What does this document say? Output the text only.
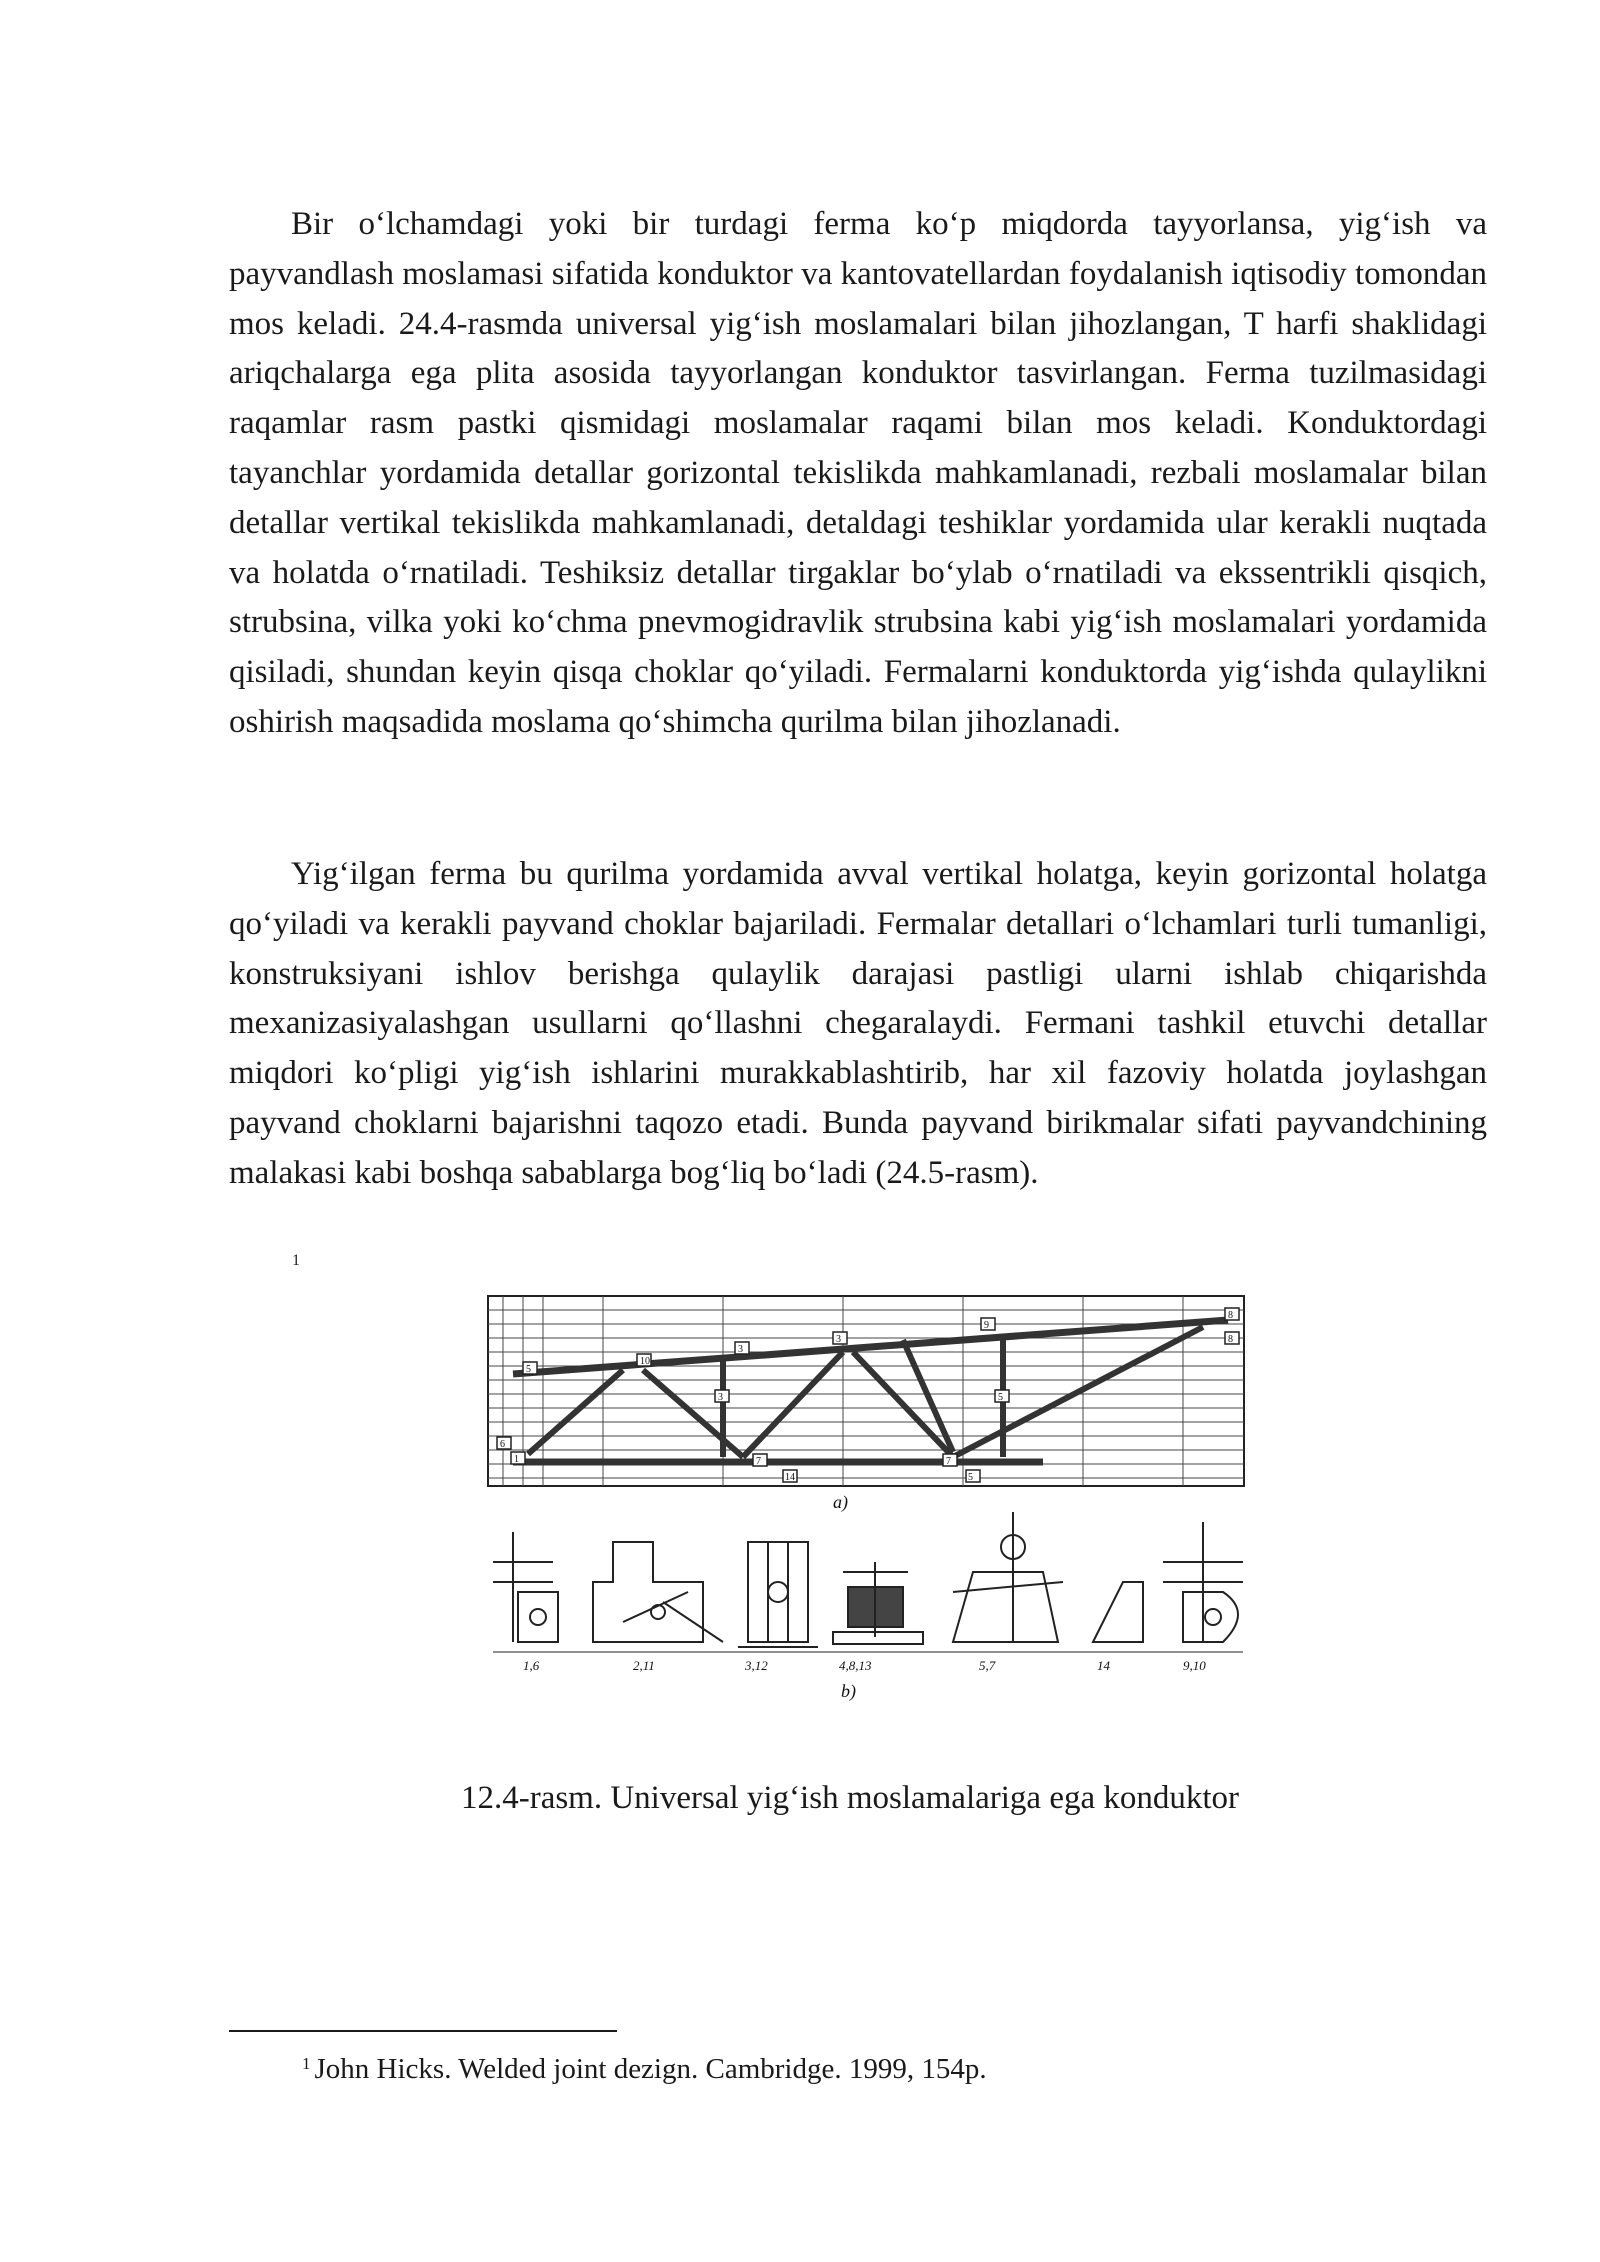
Bir o‘lchamdagi yoki bir turdagi ferma ko‘p miqdorda tayyorlansa, yig‘ish va payvandlash moslamasi sifatida konduktor va kantovatellardan foydalanish iqtisodiy tomondan mos keladi. 24.4-rasmda universal yig‘ish moslamalari bilan jihozlangan, T harfi shaklidagi ariqchalarga ega plita asosida tayyorlangan konduktor tasvirlangan. Ferma tuzilmasidagi raqamlar rasm pastki qismidagi moslamalar raqami bilan mos keladi. Konduktordagi tayanchlar yordamida detallar gorizontal tekislikda mahkamlanadi, rezbali moslamalar bilan detallar vertikal tekislikda mahkamlanadi, detaldagi teshiklar yordamida ular kerakli nuqtada va holatda o‘rnatiladi. Teshiksiz detallar tirgaklar bo‘ylab o‘rnatiladi va ekssentrikli qisqich, strubsina, vilka yoki ko‘chma pnevmogidravlik strubsina kabi yig‘ish moslamalari yordamida qisiladi, shundan keyin qisqa choklar qo‘yiladi. Fermalarni konduktorda yig‘ishda qulaylikni oshirish maqsadida moslama qo‘shimcha qurilma bilan jihozlanadi.

Yig‘ilgan ferma bu qurilma yordamida avval vertikal holatga, keyin gorizontal holatga qo‘yiladi va kerakli payvand choklar bajariladi. Fermalar detallari o‘lchamlari turli tumanligi, konstruksiyani ishlov berishga qulaylik darajasi pastligi ularni ishlab chiqarishda mexanizasiyalashgan usullarni qo‘llashni chegaralaydi. Fermani tashkil etuvchi detallar miqdori ko‘pligi yig‘ish ishlarini murakkablashtirib, har xil fazoviy holatda joylashgan payvand choklarni bajarishni taqozo etadi. Bunda payvand birikmalar sifati payvandchining malakasi kabi boshqa sabablarga bog‘liq bo‘ladi (24.5-rasm).

1
5
10
3
3
9
8
8
6
1	7	7
3	5
14	5
a)
1,6	2,11	3,12	4,8,13	5,7	14	9,10
b)
12.4-rasm. Universal yig‘ish moslamalariga ega konduktor
$^1$ John Hicks. Welded joint dezign. Cambridge. 1999, 154p.
